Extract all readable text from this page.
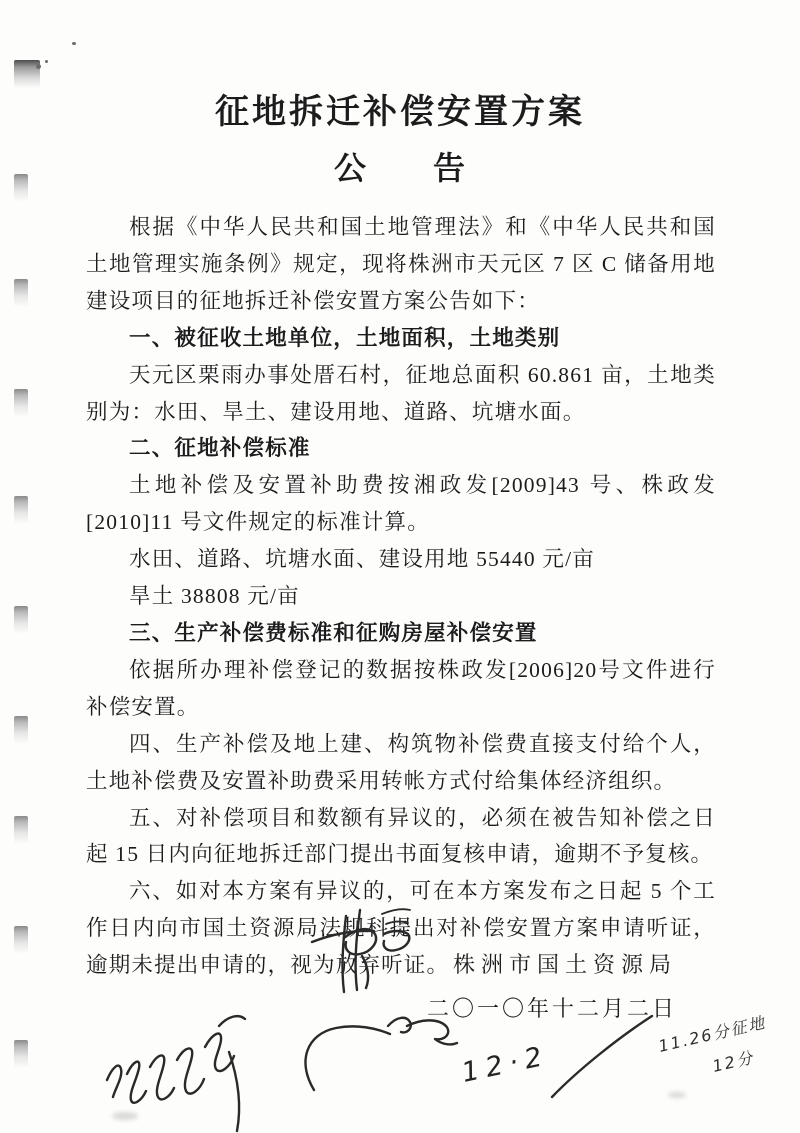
征地拆迁补偿安置方案
公　　告

根据《中华人民共和国土地管理法》和《中华人民共和国土地管理实施条例》规定，现将株洲市天元区 7 区 C 储备用地建设项目的征地拆迁补偿安置方案公告如下：

一、被征收土地单位，土地面积，土地类别

天元区栗雨办事处厝石村，征地总面积 60.861 亩，土地类别为：水田、旱土、建设用地、道路、坑塘水面。

二、征地补偿标准

土地补偿及安置补助费按湘政发[2009]43 号、株政发[2010]11 号文件规定的标准计算。

水田、道路、坑塘水面、建设用地 55440 元/亩

旱土 38808 元/亩

三、生产补偿费标准和征购房屋补偿安置

依据所办理补偿登记的数据按株政发[2006]20号文件进行补偿安置。

四、生产补偿及地上建、构筑物补偿费直接支付给个人，土地补偿费及安置补助费采用转帐方式付给集体经济组织。

五、对补偿项目和数额有异议的，必须在被告知补偿之日起 15 日内向征地拆迁部门提出书面复核申请，逾期不予复核。

六、如对本方案有异议的，可在本方案发布之日起 5 个工作日内向市国土资源局法规科提出对补偿安置方案申请听证，逾期未提出申请的，视为放弃听证。 株洲市国土资源局
二〇一〇年十二月二日
12·2
11.26分征地
12分
